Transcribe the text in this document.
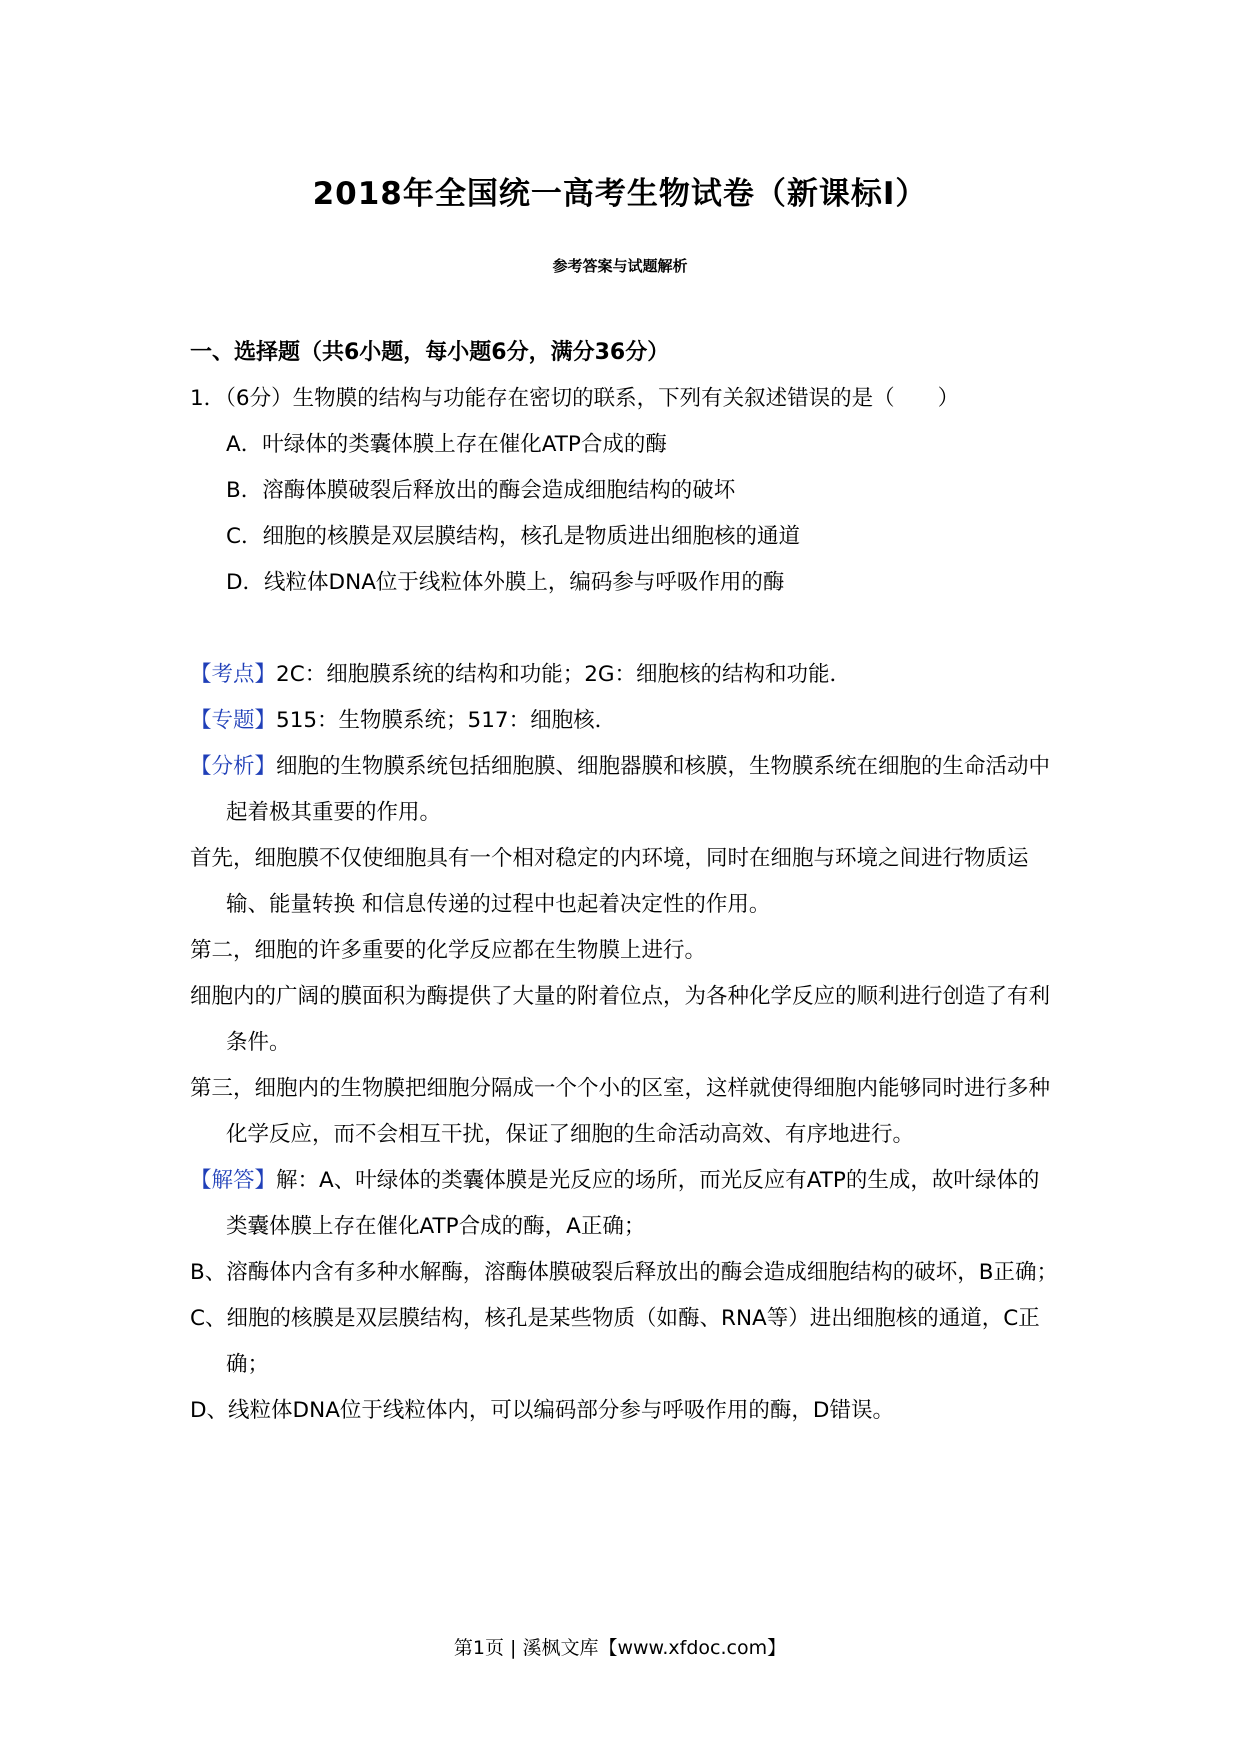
2018年全国统一高考生物试卷（新课标Ⅰ）
参考答案与试题解析

一、选择题（共6小题，每小题6分，满分36分）

1．（6分）生物膜的结构与功能存在密切的联系，下列有关叙述错误的是（　　）

A．叶绿体的类囊体膜上存在催化ATP合成的酶

B．溶酶体膜破裂后释放出的酶会造成细胞结构的破坏

C．细胞的核膜是双层膜结构，核孔是物质进出细胞核的通道

D．线粒体DNA位于线粒体外膜上，编码参与呼吸作用的酶

【考点】2C：细胞膜系统的结构和功能；2G：细胞核的结构和功能．

【专题】515：生物膜系统；517：细胞核．

【分析】细胞的生物膜系统包括细胞膜、细胞器膜和核膜，生物膜系统在细胞的生命活动中起着极其重要的作用。

首先，细胞膜不仅使细胞具有一个相对稳定的内环境，同时在细胞与环境之间进行物质运输、能量转换 和信息传递的过程中也起着决定性的作用。

第二，细胞的许多重要的化学反应都在生物膜上进行。

细胞内的广阔的膜面积为酶提供了大量的附着位点，为各种化学反应的顺利进行创造了有利条件。

第三，细胞内的生物膜把细胞分隔成一个个小的区室，这样就使得细胞内能够同时进行多种化学反应，而不会相互干扰，保证了细胞的生命活动高效、有序地进行。

【解答】解：A、叶绿体的类囊体膜是光反应的场所，而光反应有ATP的生成，故叶绿体的类囊体膜上存在催化ATP合成的酶，A正确；

B、溶酶体内含有多种水解酶，溶酶体膜破裂后释放出的酶会造成细胞结构的破坏，B正确；

C、细胞的核膜是双层膜结构，核孔是某些物质（如酶、RNA等）进出细胞核的通道，C正确；

D、线粒体DNA位于线粒体内，可以编码部分参与呼吸作用的酶，D错误。

第1页 | 溪枫文库【www.xfdoc.com】
